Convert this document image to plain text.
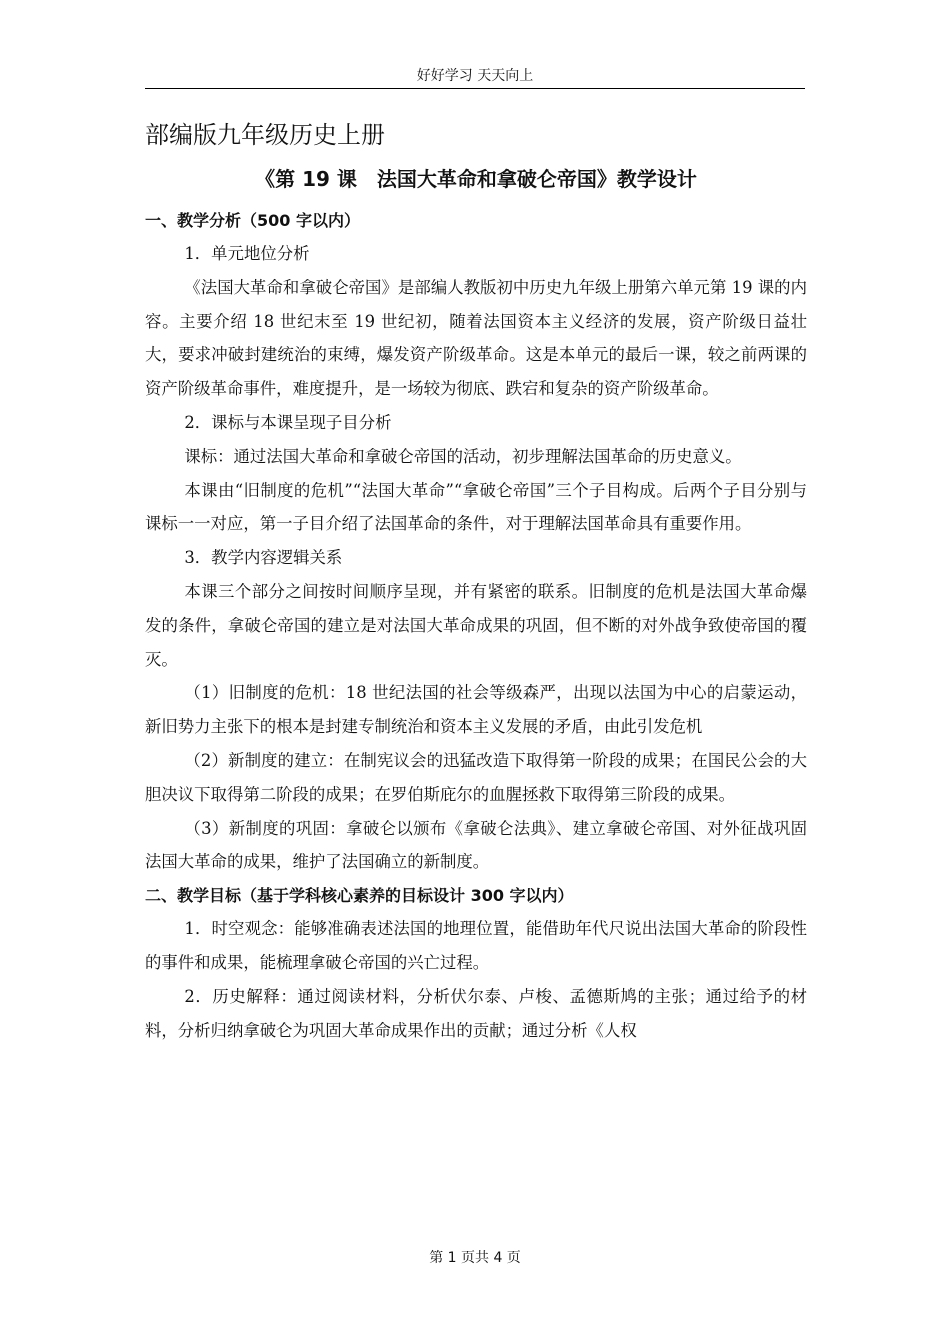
好好学习 天天向上
部编版九年级历史上册
《第 19 课　法国大革命和拿破仑帝国》教学设计
一、教学分析（500 字以内）

1．单元地位分析

《法国大革命和拿破仑帝国》是部编人教版初中历史九年级上册第六单元第 19 课的内容。主要介绍 18 世纪末至 19 世纪初，随着法国资本主义经济的发展，资产阶级日益壮大，要求冲破封建统治的束缚，爆发资产阶级革命。这是本单元的最后一课，较之前两课的资产阶级革命事件，难度提升，是一场较为彻底、跌宕和复杂的资产阶级革命。

2．课标与本课呈现子目分析

课标：通过法国大革命和拿破仑帝国的活动，初步理解法国革命的历史意义。

本课由“旧制度的危机”“法国大革命”“拿破仑帝国”三个子目构成。后两个子目分别与课标一一对应，第一子目介绍了法国革命的条件，对于理解法国革命具有重要作用。

3．教学内容逻辑关系

本课三个部分之间按时间顺序呈现，并有紧密的联系。旧制度的危机是法国大革命爆发的条件，拿破仑帝国的建立是对法国大革命成果的巩固，但不断的对外战争致使帝国的覆灭。

（1）旧制度的危机：18 世纪法国的社会等级森严，出现以法国为中心的启蒙运动，新旧势力主张下的根本是封建专制统治和资本主义发展的矛盾，由此引发危机

（2）新制度的建立：在制宪议会的迅猛改造下取得第一阶段的成果；在国民公会的大胆决议下取得第二阶段的成果；在罗伯斯庇尔的血腥拯救下取得第三阶段的成果。

（3）新制度的巩固：拿破仑以颁布《拿破仑法典》、建立拿破仑帝国、对外征战巩固法国大革命的成果，维护了法国确立的新制度。

二、教学目标（基于学科核心素养的目标设计 300 字以内）

1．时空观念：能够准确表述法国的地理位置，能借助年代尺说出法国大革命的阶段性的事件和成果，能梳理拿破仑帝国的兴亡过程。

2．历史解释：通过阅读材料，分析伏尔泰、卢梭、孟德斯鸠的主张；通过给予的材料，分析归纳拿破仑为巩固大革命成果作出的贡献；通过分析《人权

第 1 页共 4 页
